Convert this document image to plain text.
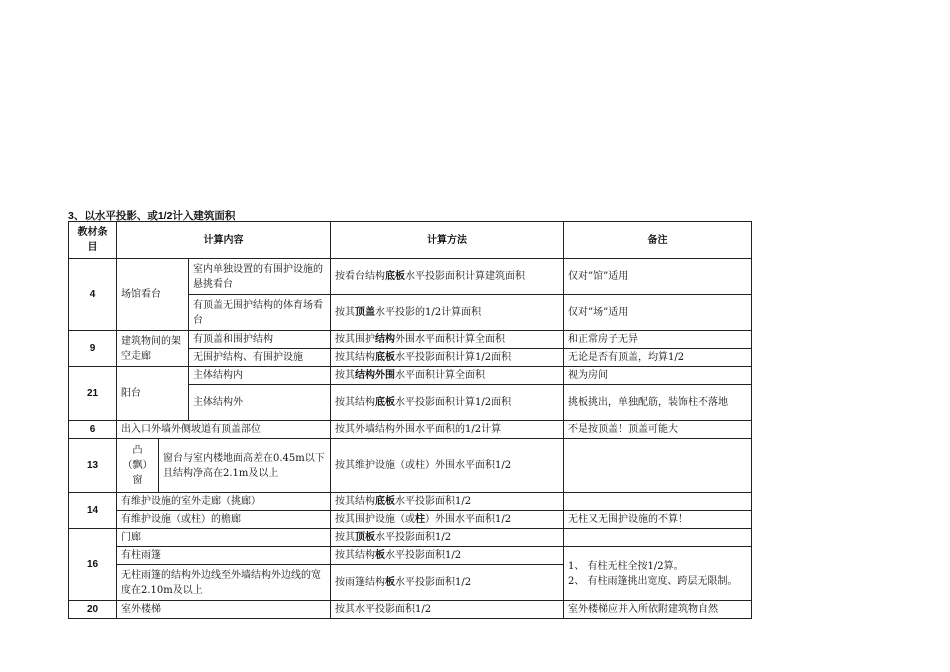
3、以水平投影、或1/2计入建筑面积
教材条目	计算内容			计算方法	备注
4	场馆看台		室内单独设置的有围护设施的悬挑看台	按看台结构底板水平投影面积计算建筑面积	仅对”馆”适用
			有顶盖无围护结构的体育场看台	按其顶盖水平投影的1/2计算面积	仅对”场”适用
9	建筑物间的架空走廊		有顶盖和围护结构	按其围护结构外围水平面积计算全面积	和正常房子无异
			无围护结构、有围护设施	按其结构底板水平投影面积计算1/2面积	无论是否有顶盖，均算1/2
21	阳台		主体结构内	按其结构外围水平面积计算全面积	视为房间
			主体结构外	按其结构底板水平投影面积计算1/2面积	挑板挑出，单独配筋，装饰柱不落地
6	出入口外墙外侧坡道有顶盖部位			按其外墙结构外围水平面积的1/2计算	不是按顶盖！顶盖可能大
13	凸（飘）窗	窗台与室内楼地面高差在0.45m以下且结构净高在2.1m及以上		按其维护设施（或柱）外围水平面积1/2	
14	有维护设施的室外走廊（挑廊）			按其结构底板水平投影面积1/2	
	有维护设施（或柱）的檐廊			按其围护设施（或柱）外围水平面积1/2	无柱又无围护设施的不算！
16	门廊			按其顶板水平投影面积1/2	
	有柱雨篷			按其结构板水平投影面积1/2	1、 有柱无柱全按1/2算。
2、 有柱雨篷挑出宽度、跨层无限制。

	无柱雨篷的结构外边线至外墙结构外边线的宽度在2.10m及以上			按雨篷结构板水平投影面积1/2	
20	室外楼梯			按其水平投影面积1/2	室外楼梯应并入所依附建筑物自然
